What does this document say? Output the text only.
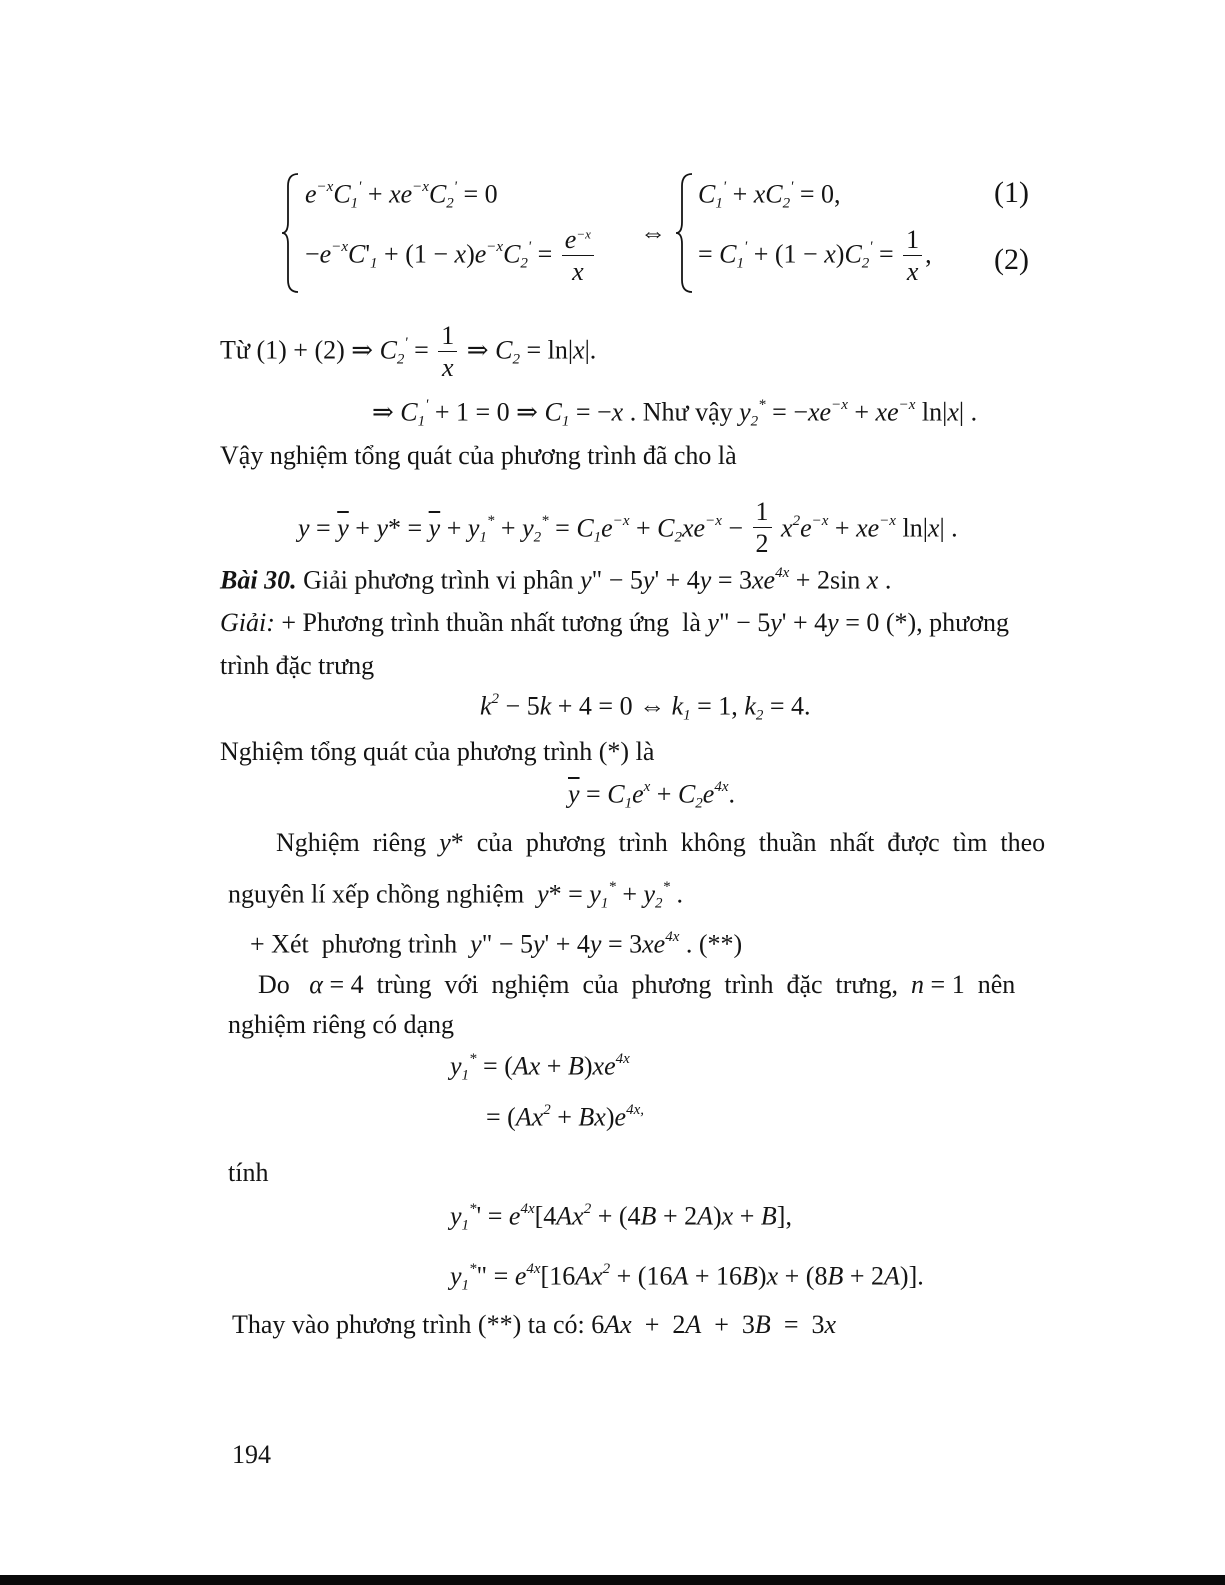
$e^{-x}C_1' + xe^{-x}C_2' = 0$
$-e^{-x}C'_1 + (1 - x)e^{-x}C_2' = \frac{e^{-x}}{x}$ ⇔
$C_1' + xC_2' = 0$,
= $C_1' + (1 - x)C_2' = \frac{1}{x}$ ,
(1)
(2)
Từ (1) + (2) ⇒ $C_2' = \frac{1}{x}$ ⇒ $C_2 = \ln|x|$.
⇒ $C_1' + 1 = 0$ ⇒ $C_1 = -x$ . Như vậy $y_2^* = -xe^{-x} + xe^{-x}$ ln|x| .
Vậy nghiệm tổng quát của phương trình đã cho là
$y = \overline{y} + y* = \overline{y} + y_1^* + y_2^* = C_1e^{-x} + C_2xe^{-x} - \frac{1}{2} x^2e^{-x} + xe^{-x}$ ln|x| .
Bài 30. Giải phương trình vi phân y" − $5y' + 4y = 3xe^{4x} + 2\sin$ x .
Giải: + Phương trình thuần nhất tương ứng  là y" − 5y' + 4y = 0 (*), phương
trình đặc trưng
$k^2 - 5k + 4 = 0$ ⇔ $k_1 = 1$, $k_2 = 4$.
Nghiệm tổng quát của phương trình (*) là
$\overline{y} = C_1e^x + C_2e^{4x}$.
Nghiệm  riêng  y*  của  phương  trình  không  thuần  nhất  được  tìm  theo
nguyên lí xếp chồng nghiệm  $y* = y_1^* + y_2^*$ .
+ Xét  phương trình  y" − $5y' + 4y = 3xe^{4x}$ . (**)
Do   α = 4  trùng  với  nghiệm  của  phương  trình  đặc  trưng,  n = 1  nên
nghiệm riêng có dạng
$y_1^* = (Ax + B)xe^{4x}$
= $(Ax^2 + Bx)e^{4x,}$
tính
$y_1^*' = e^{4x}[4Ax^2 + (4B + 2A)x + B]$,
$y_1^*$" = $e^{4x}[16Ax^2 + (16A + 16B)x + (8B + 2A)]$.
Thay vào phương trình (**) ta có: 6Ax  +  2A  +  3B  =  3x
194
